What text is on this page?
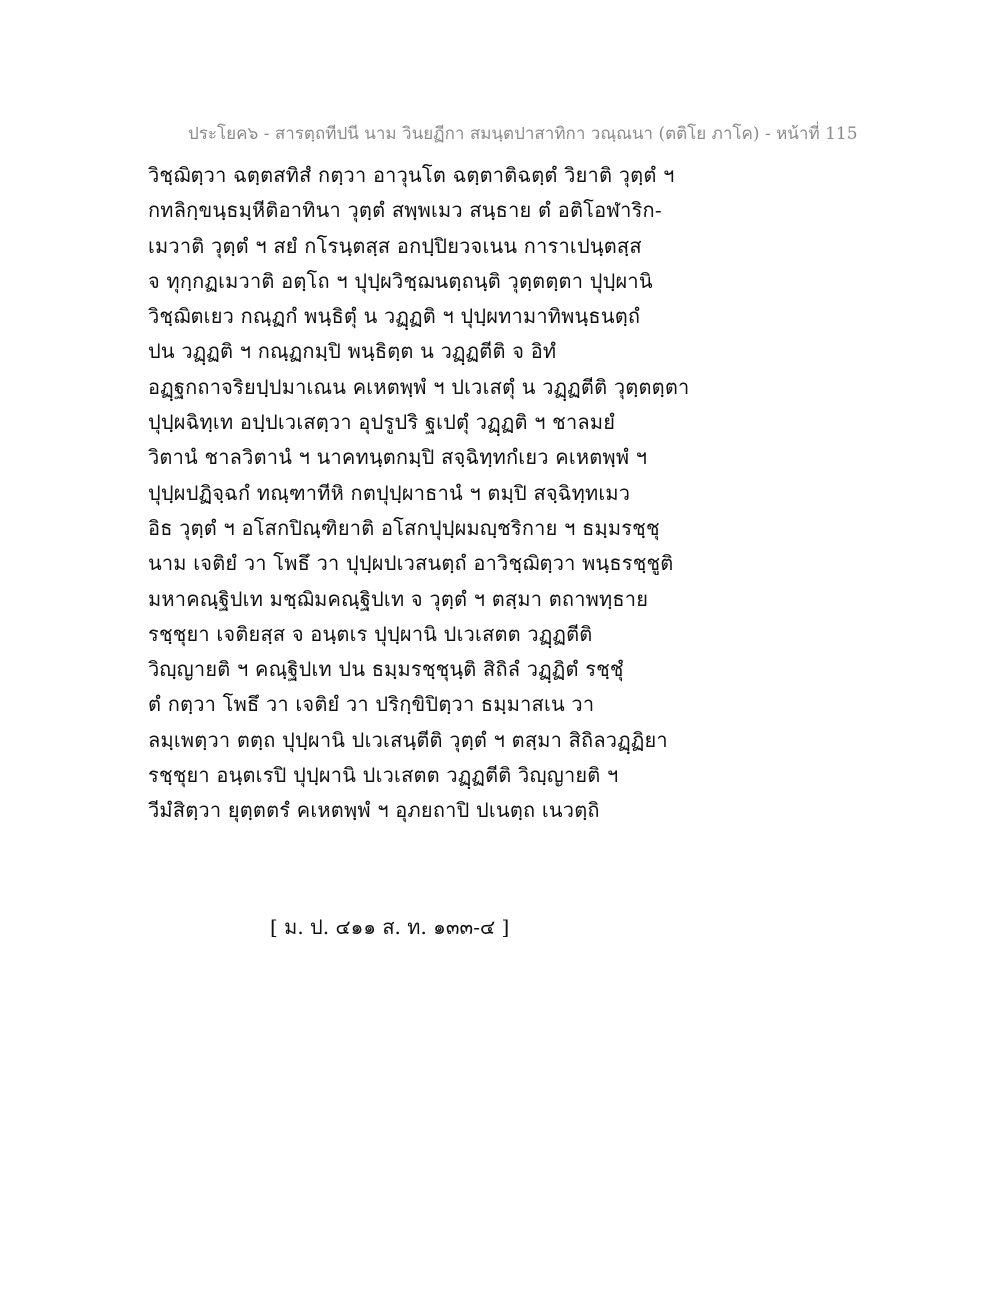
ประโยค๖ - สารตฺถทีปนี นาม วินยฏีกา สมนฺตปาสาทิกา วณฺณนา (ตติโย ภาโค) - หน้าที่ 115
วิชฺฌิตฺวา ฉตฺตสทิสํ กตฺวา อาวุนโต ฉตฺตาติฉตฺตํ วิยาติ วุตฺตํ ฯ
กทลิกฺขนฺธมฺหีติอาทินา วุตฺตํ สพฺพเมว สนฺธาย ตํ อติโอฬาริก-
เมวาติ วุตฺตํ ฯ สยํ กโรนฺตสฺส อกปฺปิยวจเนน การาเปนฺตสฺส
จ ทุกฺกฏเมวาติ อตฺโถ ฯ ปุปฺผวิชฺฌนตฺถนฺติ วุตฺตตฺตา ปุปฺผานิ
วิชฺฌิตเยว กณฺฏกํ พนฺธิตุํ น วฏฺฏติ ฯ ปุปฺผทามาทิพนฺธนตฺถํ
ปน วฏฺฏติ ฯ กณฺฏกมฺปิ พนฺธิตฺต น วฏฺฏตีติ จ อิทํ
อฏฺฐกถาจริยปฺปมาเณน คเหตพฺพํ ฯ ปเวเสตุํ น วฏฺฏตีติ วุตฺตตฺตา
ปุปฺผฉิทฺเท อปฺปเวเสตฺวา อุปรูปริ ฐเปตุํ วฏฺฏติ ฯ ชาลมยํ
วิตานํ ชาลวิตานํ ฯ นาคทนฺตกมฺปิ สจฺฉิทฺทกํเยว คเหตพฺพํ ฯ
ปุปฺผปฏิจฺฉกํ ทณฺฑาทีหิ กตปุปฺผาธานํ ฯ ตมฺปิ สจฺฉิทฺทเมว
อิธ วุตฺตํ ฯ อโสกปิณฺฑิยาติ อโสกปุปฺผมญฺชริกาย ฯ ธมฺมรชฺชุ
นาม เจติยํ วา โพธึ วา ปุปฺผปเวสนตฺถํ อาวิชฺฌิตฺวา พนฺธรชฺชูติ
มหาคณฺฐิปเท มชฺฌิมคณฺฐิปเท จ วุตฺตํ ฯ ตสฺมา ตถาพทฺธาย
รชฺชุยา เจติยสฺส จ อนฺตเร ปุปฺผานิ ปเวเสตต วฏฺฏตีติ
วิญฺญายติ ฯ คณฺฐิปเท ปน ธมฺมรชฺชุนฺติ สิถิลํ วฏฺฏิตํ รชฺชุํ
ตํ กตฺวา โพธึ วา เจติยํ วา ปริกฺขิปิตฺวา ธมฺมาสเน วา
ลมฺเพตฺวา ตตฺถ ปุปฺผานิ ปเวเสนฺตีติ วุตฺตํ ฯ ตสฺมา สิถิลวฏฺฏิยา
รชฺชุยา อนฺตเรปิ ปุปฺผานิ ปเวเสตต วฏฺฏตีติ วิญฺญายติ ฯ
วีมํสิตฺวา ยุตฺตตรํ คเหตพฺพํ ฯ อุภยถาปิ ปเนตฺถ เนวตฺถิ
[ ม. ป. ๔๑๑ ส. ท. ๑๓๓-๔ ]
